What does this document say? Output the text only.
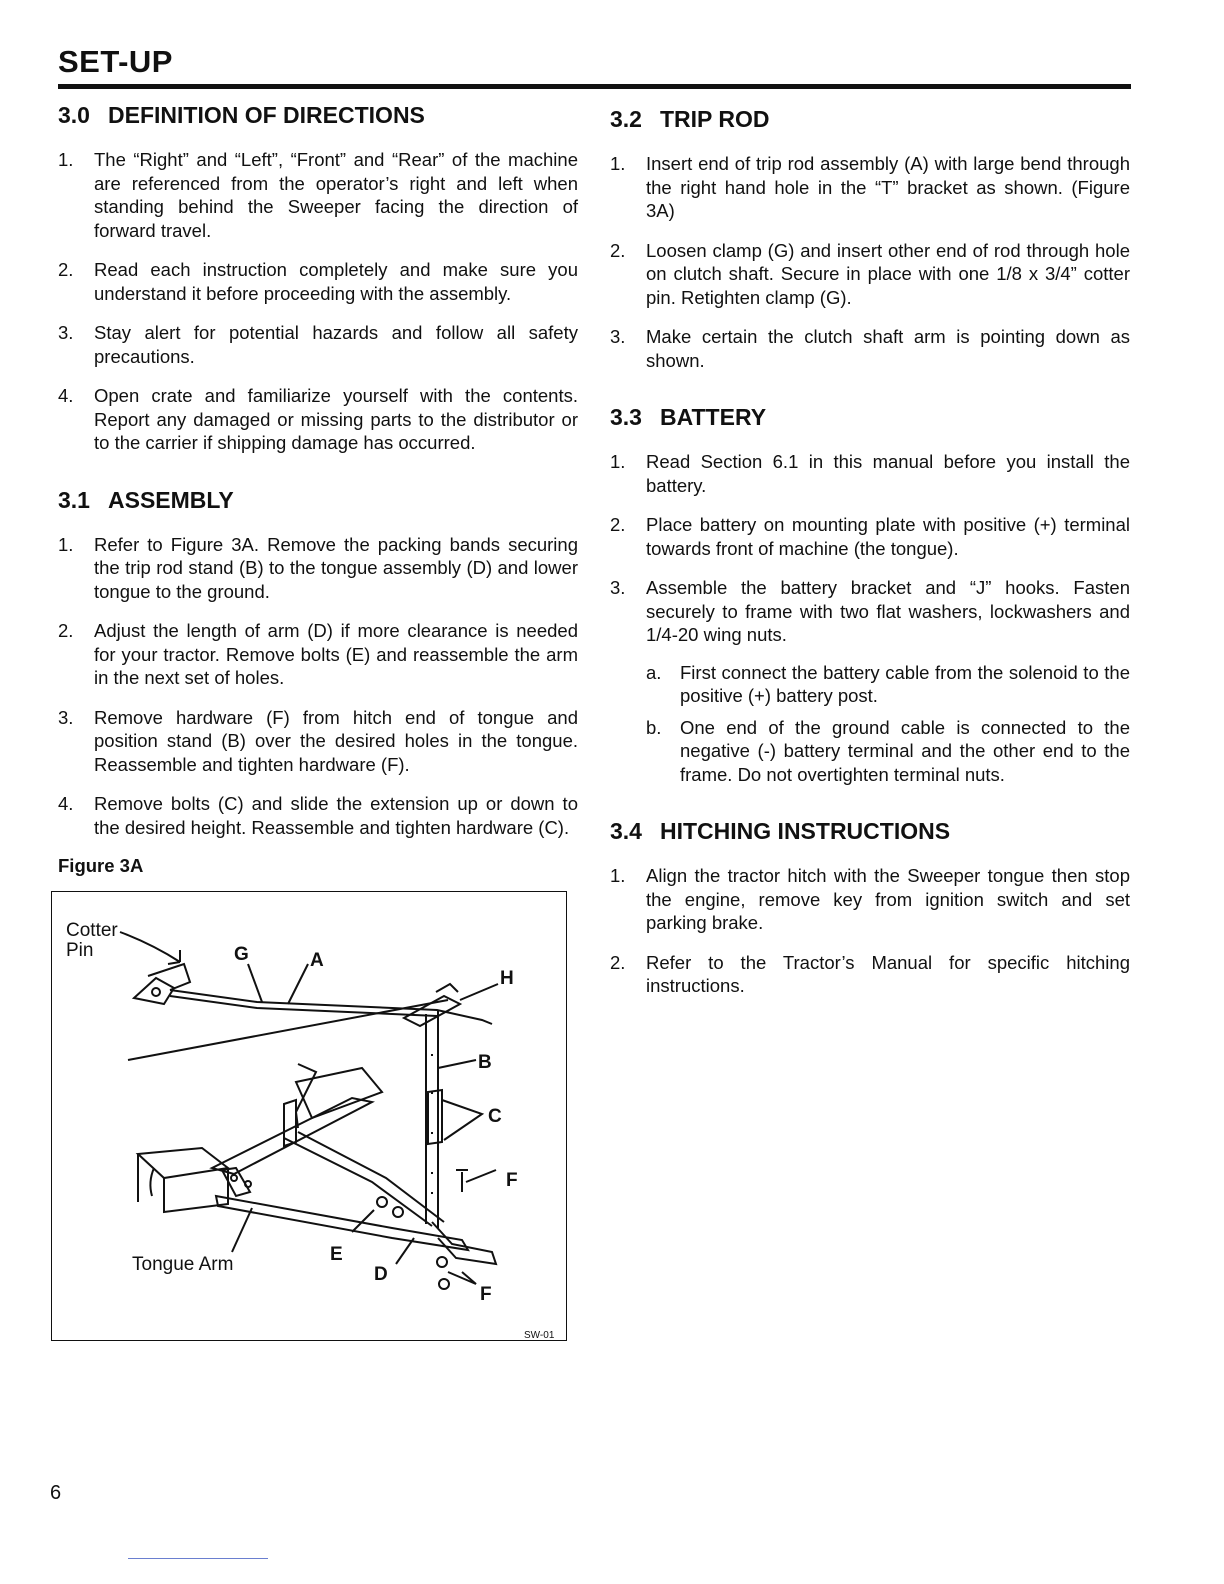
SET-UP
3.0 DEFINITION OF DIRECTIONS
1. The “Right” and “Left”, “Front” and “Rear” of the machine are referenced from the operator’s right and left when standing behind the Sweeper facing the direction of forward travel.
2. Read each instruction completely and make sure you understand it before proceeding with the assembly.
3. Stay alert for potential hazards and follow all safety precautions.
4. Open crate and familiarize yourself with the contents. Report any damaged or missing parts to the distributor or to the carrier if shipping damage has occurred.
3.1 ASSEMBLY
1. Refer to Figure 3A. Remove the packing bands securing the trip rod stand (B) to the tongue assembly (D) and lower tongue to the ground.
2. Adjust the length of arm (D) if more clearance is needed for your tractor. Remove bolts (E) and reassemble the arm in the next set of holes.
3. Remove hardware (F) from hitch end of tongue and position stand (B) over the desired holes in the tongue. Reassemble and tighten hardware (F).
4. Remove bolts (C) and slide the extension up or down to the desired height. Reassemble and tighten hardware (C).
Figure 3A
Cotter
Pin	G	A
H
B
C
F
E
D
F
Tongue Arm
SW-01
3.2 TRIP ROD
1. Insert end of trip rod assembly (A) with large bend through the right hand hole in the “T” bracket as shown. (Figure 3A)
2. Loosen clamp (G) and insert other end of rod through hole on clutch shaft. Secure in place with one 1/8 x 3/4” cotter pin. Retighten clamp (G).
3. Make certain the clutch shaft arm is pointing down as shown.
3.3 BATTERY
1. Read Section 6.1 in this manual before you install the battery.
2. Place battery on mounting plate with positive (+) terminal towards front of machine (the tongue).
3. Assemble the battery bracket and “J” hooks. Fasten securely to frame with two flat washers, lockwashers and 1/4-20 wing nuts.
a. First connect the battery cable from the solenoid to the positive (+) battery post.
b. One end of the ground cable is connected to the negative (-) battery terminal and the other end to the frame. Do not overtighten terminal nuts.
3.4 HITCHING INSTRUCTIONS
1. Align the tractor hitch with the Sweeper tongue then stop the engine, remove key from ignition switch and set parking brake.
2. Refer to the Tractor’s Manual for specific hitching instructions.
6
